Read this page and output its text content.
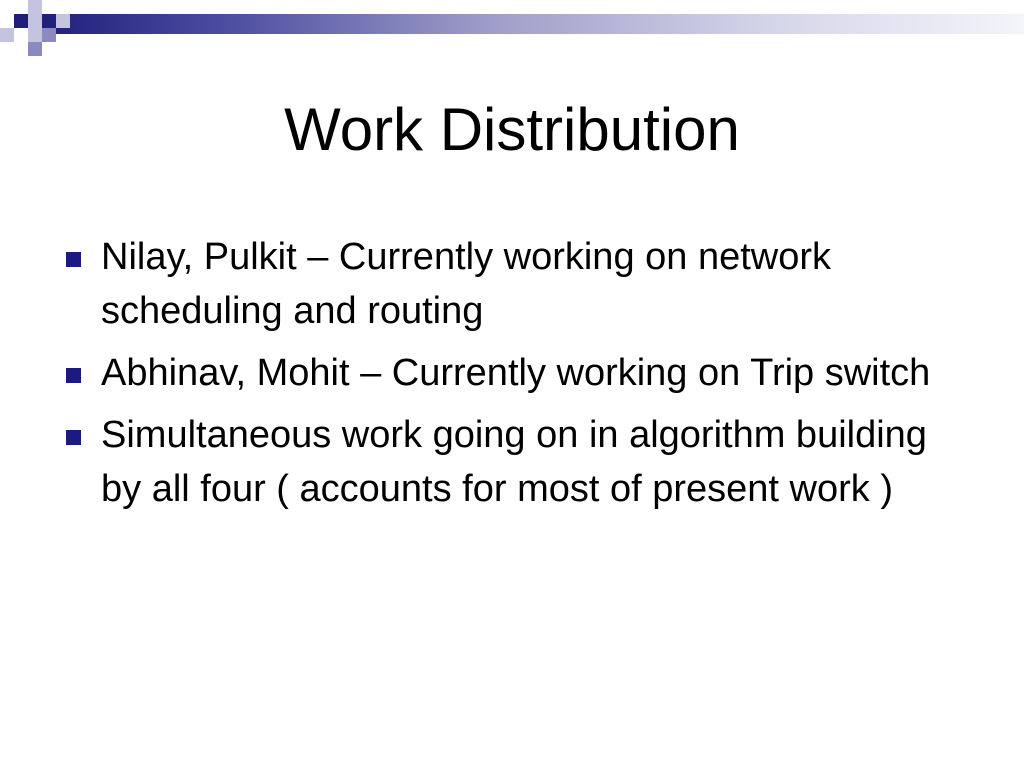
Work Distribution
Nilay, Pulkit – Currently working on network scheduling and routing
Abhinav, Mohit – Currently working on Trip switch
Simultaneous work going on in algorithm building by all four ( accounts for most of present work )
